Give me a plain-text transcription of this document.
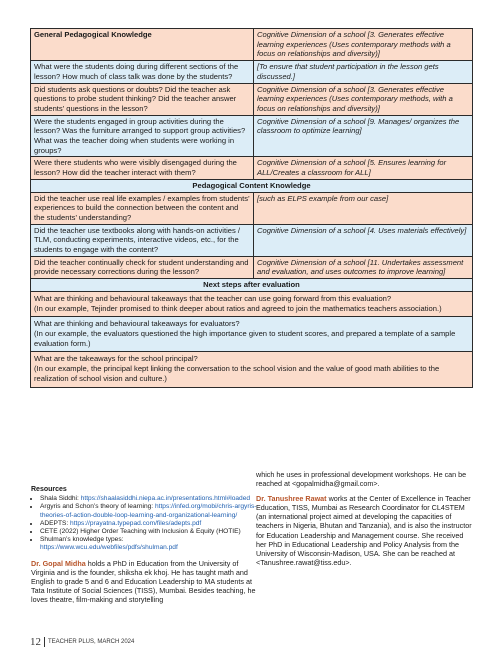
General Pedagogical Knowledge	Cognitive Dimension of a school [3. Generates effective learning experiences (Uses contemporary methods with a focus on relationships and diversity)]
What were the students doing during different sections of the lesson? How much of class talk was done by the students?	[To ensure that student participation in the lesson gets discussed.]
Did students ask questions or doubts? Did the teacher ask questions to probe student thinking? Did the teacher answer students’ questions in the lesson?	Cognitive Dimension of a school [3. Generates effective learning experiences (Uses contemporary methods, with a focus on relationships and diversity)]
Were the students engaged in group activities during the lesson? Was the furniture arranged to support group activities? What was the teacher doing when students were working in groups?	Cognitive Dimension of a school [9. Manages/ organizes the classroom to optimize learning]
Were there students who were visibly disengaged during the lesson? How did the teacher interact with them?	Cognitive Dimension of a school [5. Ensures learning for ALL/Creates a classroom for ALL]
Pedagogical Content Knowledge	
Did the teacher use real life examples / examples from students’ experiences to build the connection between the content and the students’ understanding?	[such as ELPS example from our case]
Did the teacher use textbooks along with hands-on activities / TLM, conducting experiments, interactive videos, etc., for the students to engage with the content?	Cognitive Dimension of a school [4. Uses materials effectively]
Did the teacher continually check for student understanding and provide necessary corrections during the lesson?	Cognitive Dimension of a school [11. Undertakes assessment and evaluation, and uses outcomes to improve learning]
Next steps after evaluation	
What are thinking and behavioural takeaways that the teacher can use going forward from this evaluation?
(In our example, Tejinder promised to think deeper about ratios and agreed to join the mathematics teachers association.)	
What are thinking and behavioural takeaways for evaluators?
(In our example, the evaluators questioned the high importance given to student scores, and prepared a template of a sample evaluation form.)	
What are the takeaways for the school principal?
(In our example, the principal kept linking the conversation to the school vision and the value of good math abilities to the realization of school vision and culture.)	
Resources
• Shala Siddhi: https://shaalasiddhi.niepa.ac.in/presentations.html#loaded
• Argyris and Schon’s theory of learning: https://infed.org/mobi/chris-argyris-theories-of-action-double-loop-learning-and-organizational-learning/
• ADEPTS: https://prayatna.typepad.com/files/adepts.pdf
• CETE (2022) Higher Order Teaching with Inclusion & Equity (HOTIE)
• Shulman’s knowledge types: https://www.wcu.edu/webfiles/pdfs/shulman.pdf
Dr. Gopal Midha holds a PhD in Education from the University of Virginia and is the founder, shiksha ek khoj. He has taught math and English to grade 5 and 6 and Education Leadership to MA students at Tata Institute of Social Sciences (TISS), Mumbai. Besides teaching, he loves theatre, film-making and storytelling
which he uses in professional development workshops. He can be reached at <gopalmidha@gmail.com>.
Dr. Tanushree Rawat works at the Center of Excellence in Teacher Education, TISS, Mumbai as Research Coordinator for CL4STEM (an international project aimed at developing the capacities of teachers in Nigeria, Bhutan and Tanzania), and is also the instructor for Education Leadership and Management course. She received her PhD in Educational Leadership and Policy Analysis from the University of Wisconsin-Madison, USA. She can be reached at <Tanushree.rawat@tiss.edu>.
12 TEACHER PLUS, MARCH 2024
